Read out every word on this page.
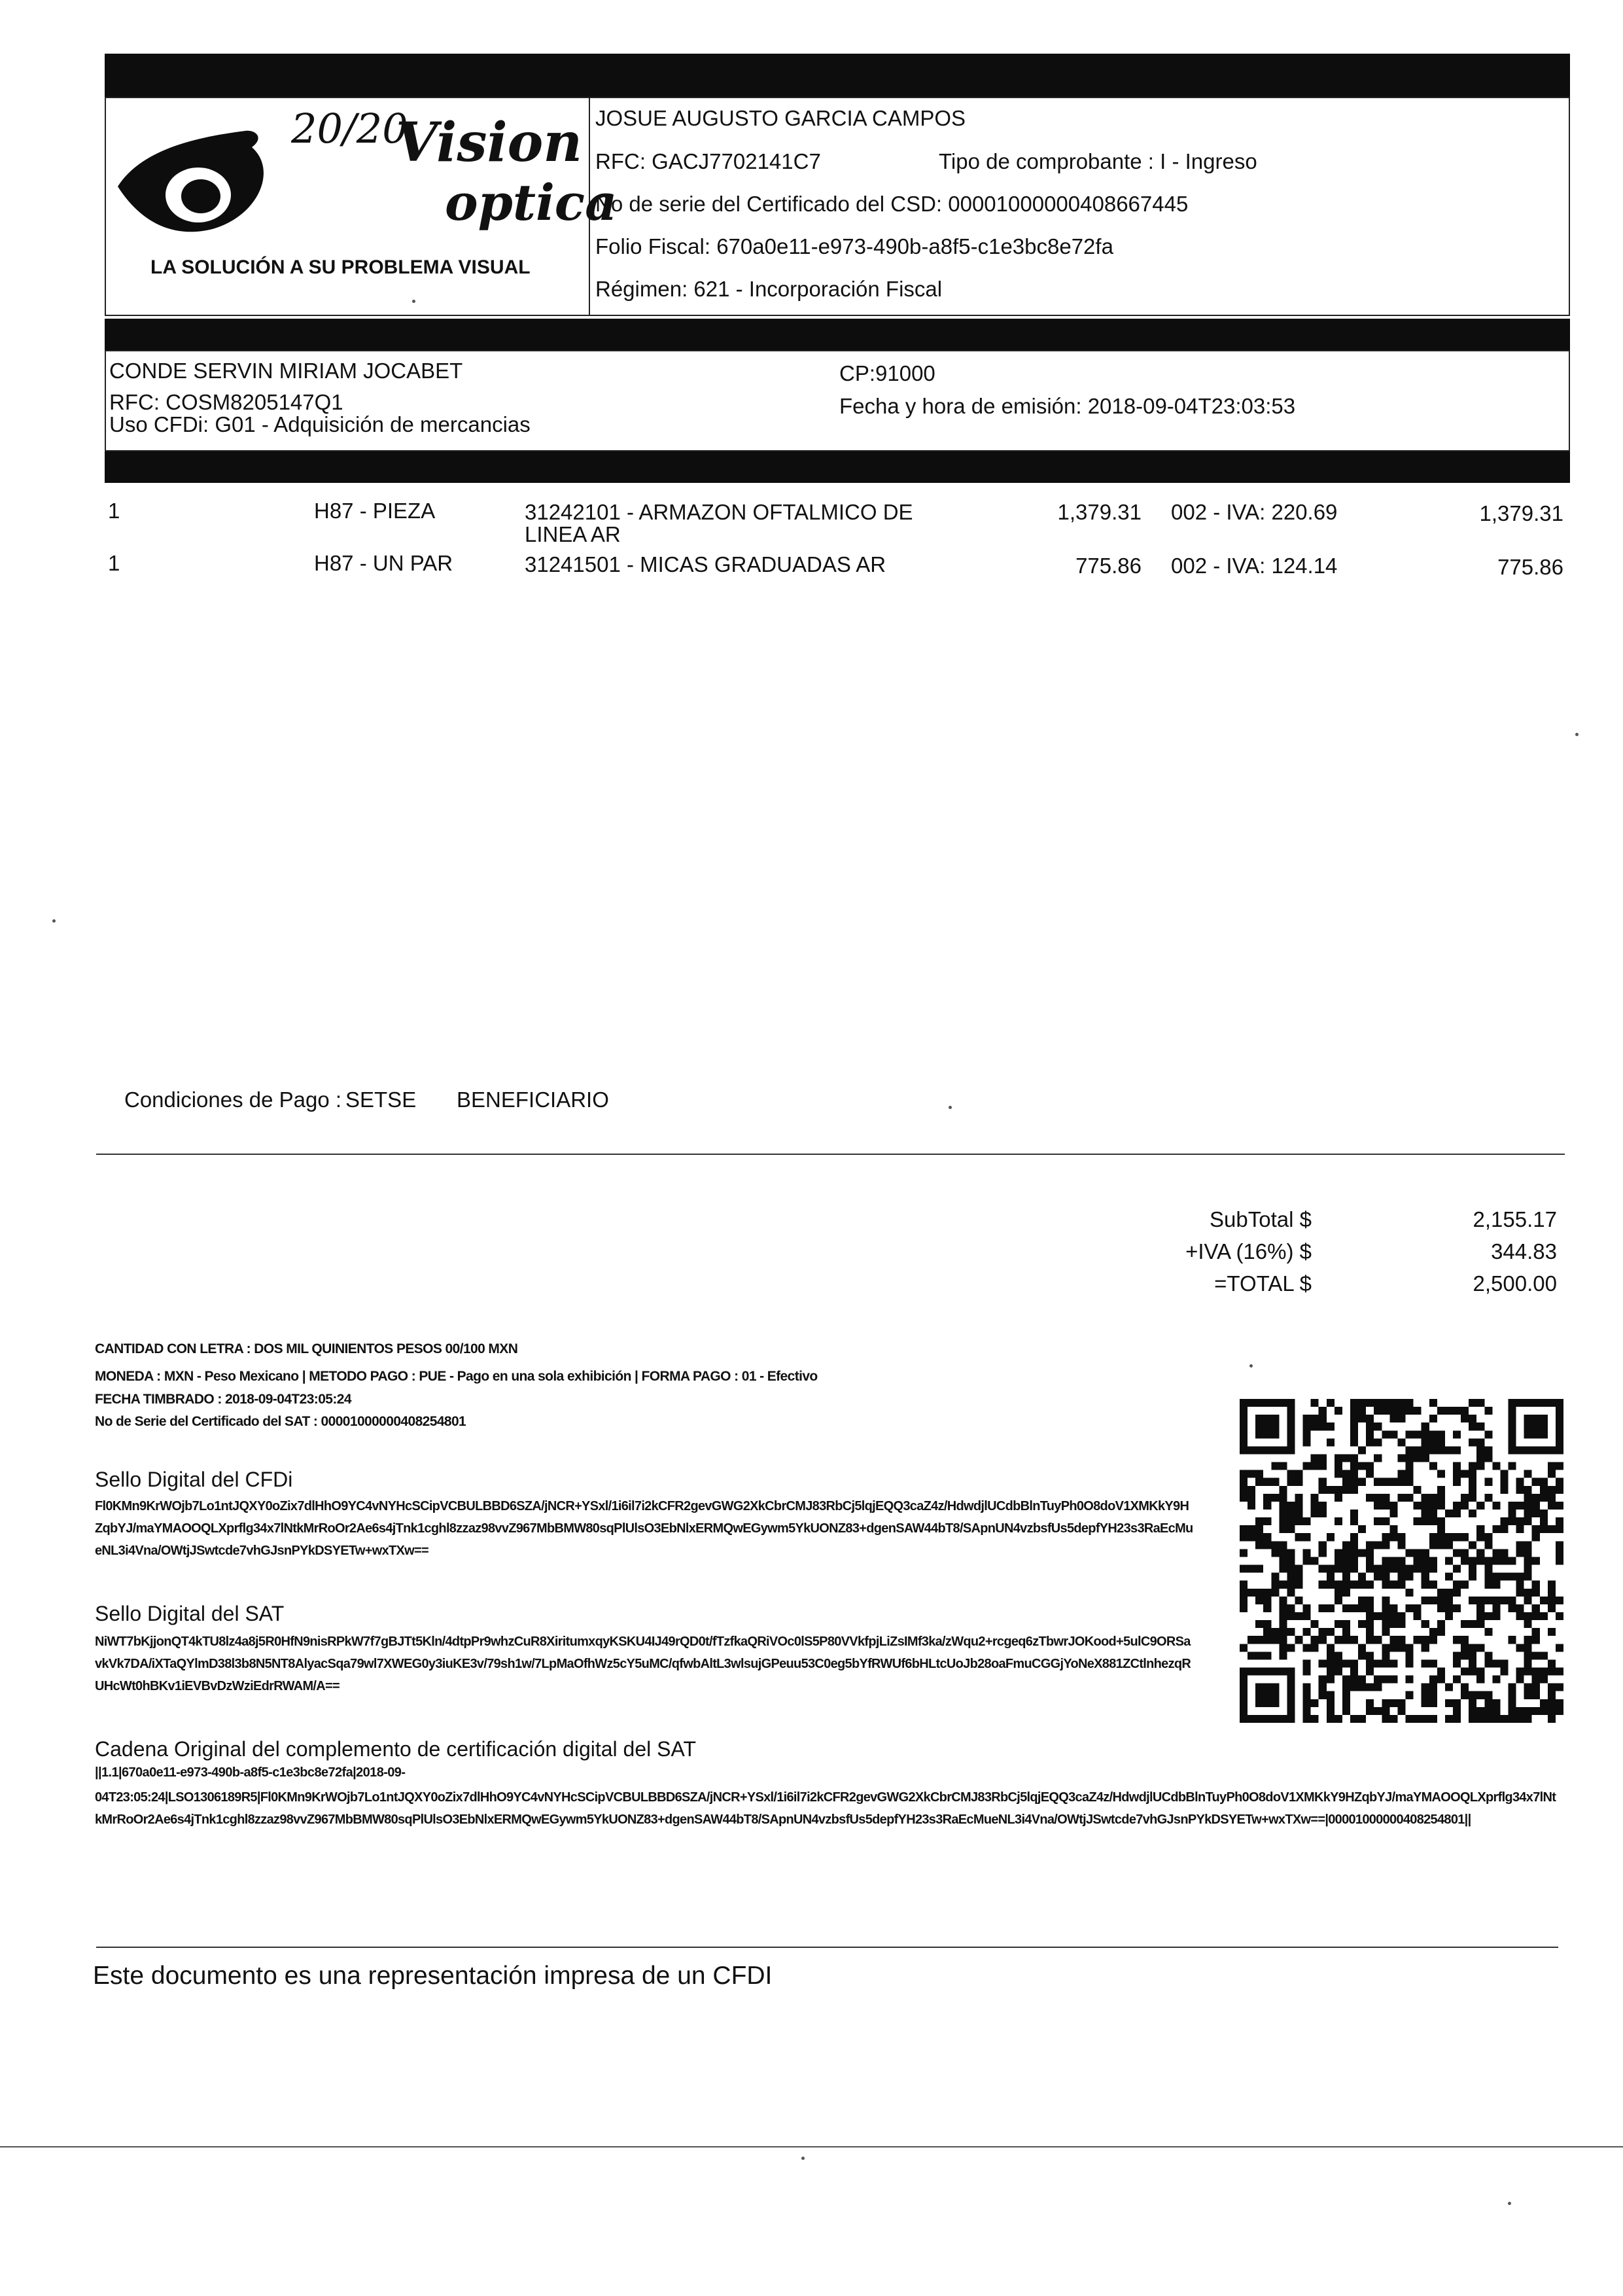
20/20
Vision
optica
LA SOLUCIÓN A SU PROBLEMA VISUAL
JOSUE AUGUSTO GARCIA CAMPOS
RFC: GACJ7702141C7	Tipo de comprobante : I - Ingreso
No de serie del Certificado del CSD: 00001000000408667445
Folio Fiscal: 670a0e11-e973-490b-a8f5-c1e3bc8e72fa
Régimen: 621 - Incorporación Fiscal
CONDE SERVIN MIRIAM JOCABET
RFC: COSM8205147Q1
Uso CFDi: G01 - Adquisición de mercancias
CP:91000
Fecha y hora de emisión: 2018-09-04T23:03:53
1	H87 - PIEZA	31242101 - ARMAZON OFTALMICO DE
LINEA AR
1,379.31 002 - IVA: 220.69	1,379.31
1	H87 - UN PAR	31241501 - MICAS GRADUADAS AR	775.86 002 - IVA: 124.14	775.86
Condiciones de Pago : SETSE BENEFICIARIO
SubTotal $	2,155.17
+IVA (16%) $	344.83
=TOTAL $	2,500.00
CANTIDAD CON LETRA : DOS MIL QUINIENTOS PESOS 00/100 MXN
MONEDA : MXN - Peso Mexicano | METODO PAGO : PUE - Pago en una sola exhibición | FORMA PAGO : 01 - Efectivo
FECHA TIMBRADO : 2018-09-04T23:05:24
No de Serie del Certificado del SAT : 00001000000408254801
Sello Digital del CFDi
Fl0KMn9KrWOjb7Lo1ntJQXY0oZix7dlHhO9YC4vNYHcSCipVCBULBBD6SZA/jNCR+YSxl/1i6il7i2kCFR2gevGWG2XkCbrCMJ83RbCj5lqjEQQ3caZ4z/HdwdjlUCdbBlnTuyPh0O8doV1XMKkY9HZqbYJ/maYMAOOQLXprflg34x7lNtkMrRoOr2Ae6s4jTnk1cghl8zzaz98vvZ967MbBMW80sqPlUlsO3EbNlxERMQwEGywm5YkUONZ83+dgenSAW44bT8/SApnUN4vzbsfUs5depfYH23s3RaEcMueNL3i4Vna/OWtjJSwtcde7vhGJsnPYkDSYETw+wxTXw==
Sello Digital del SAT
NiWT7bKjjonQT4kTU8lz4a8j5R0HfN9nisRPkW7f7gBJTt5Kln/4dtpPr9whzCuR8XiritumxqyKSKU4IJ49rQD0t/fTzfkaQRiVOc0lS5P80VVkfpjLiZsIMf3ka/zWqu2+rcgeq6zTbwrJOKood+5ulC9ORSavkVk7DA/iXTaQYlmD38l3b8N5NT8AlyacSqa79wl7XWEG0y3iuKE3v/79sh1w/7LpMaOfhWz5cY5uMC/qfwbAltL3wlsujGPeuu53C0eg5bYfRWUf6bHLtcUoJb28oaFmuCGGjYoNeX881ZCtlnhezqRUHcWt0hBKv1iEVBvDzWziEdrRWAM/A==
Cadena Original del complemento de certificación digital del SAT
||1.1|670a0e11-e973-490b-a8f5-c1e3bc8e72fa|2018-09-
04T23:05:24|LSO1306189R5|Fl0KMn9KrWOjb7Lo1ntJQXY0oZix7dlHhO9YC4vNYHcSCipVCBULBBD6SZA/jNCR+YSxl/1i6il7i2kCFR2gevGWG2XkCbrCMJ83RbCj5lqjEQQ3caZ4z/HdwdjlUCdbBlnTuyPh0O8doV1XMKkY9HZqbYJ/maYMAOOQLXprflg34x7lNtkMrRoOr2Ae6s4jTnk1cghl8zzaz98vvZ967MbBMW80sqPlUlsO3EbNlxERMQwEGywm5YkUONZ83+dgenSAW44bT8/SApnUN4vzbsfUs5depfYH23s3RaEcMueNL3i4Vna/OWtjJSwtcde7vhGJsnPYkDSYETw+wxTXw==|00001000000408254801||
Este documento es una representación impresa de un CFDI
